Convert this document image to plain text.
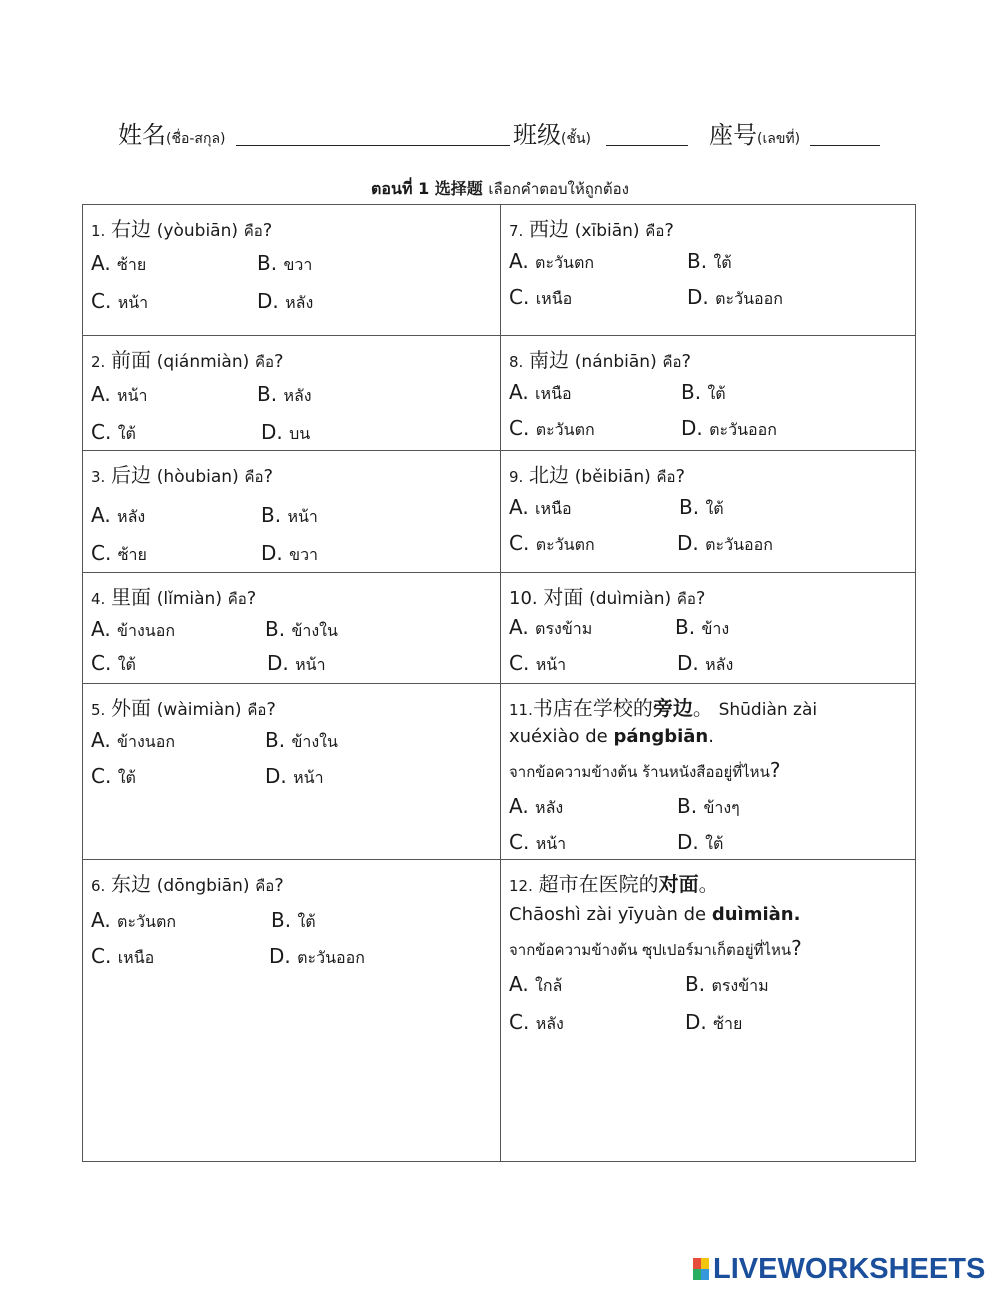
姓名(ชื่อ-สกุล)	班级(ชั้น)	座号(เลขที่)
ตอนที่ 1 选择题 เลือกคำตอบให้ถูกต้อง
1. 右边 (yòubiān) คือ?
A. ซ้าย	B. ขวา
C. หน้า	D. หลัง
7. 西边 (xībiān) คือ?
A. ตะวันตก	B. ใต้
C. เหนือ	D. ตะวันออก
2. 前面 (qiánmiàn) คือ?
A. หน้า	B. หลัง
C. ใต้	D. บน
8. 南边 (nánbiān) คือ?
A. เหนือ	B. ใต้
C. ตะวันตก	D. ตะวันออก
3. 后边 (hòubian) คือ?
A. หลัง	B. หน้า
C. ซ้าย	D. ขวา
9. 北边 (běibiān) คือ?
A. เหนือ	B. ใต้
C. ตะวันตก	D. ตะวันออก
4. 里面 (lǐmiàn) คือ?
A. ข้างนอก	B. ข้างใน
C. ใต้	D. หน้า
10. 对面 (duìmiàn) คือ?
A. ตรงข้าม	B. ข้าง
C. หน้า	D. หลัง
5. 外面 (wàimiàn) คือ?
A. ข้างนอก	B. ข้างใน
C. ใต้	D. หน้า
11.书店在学校的旁边。 Shūdiàn zài
xuéxiào de pángbiān.
จากข้อความข้างต้น ร้านหนังสืออยู่ที่ไหน?
A. หลัง	B. ข้างๆ
C. หน้า	D. ใต้
6. 东边 (dōngbiān) คือ?
A. ตะวันตก	B. ใต้
C. เหนือ	D. ตะวันออก
12. 超市在医院的对面。
Chāoshì zài yīyuàn de duìmiàn.
จากข้อความข้างต้น ซุปเปอร์มาเก็ตอยู่ที่ไหน?
A. ใกล้	B. ตรงข้าม
C. หลัง	D. ซ้าย
LIVEWORKSHEETS
